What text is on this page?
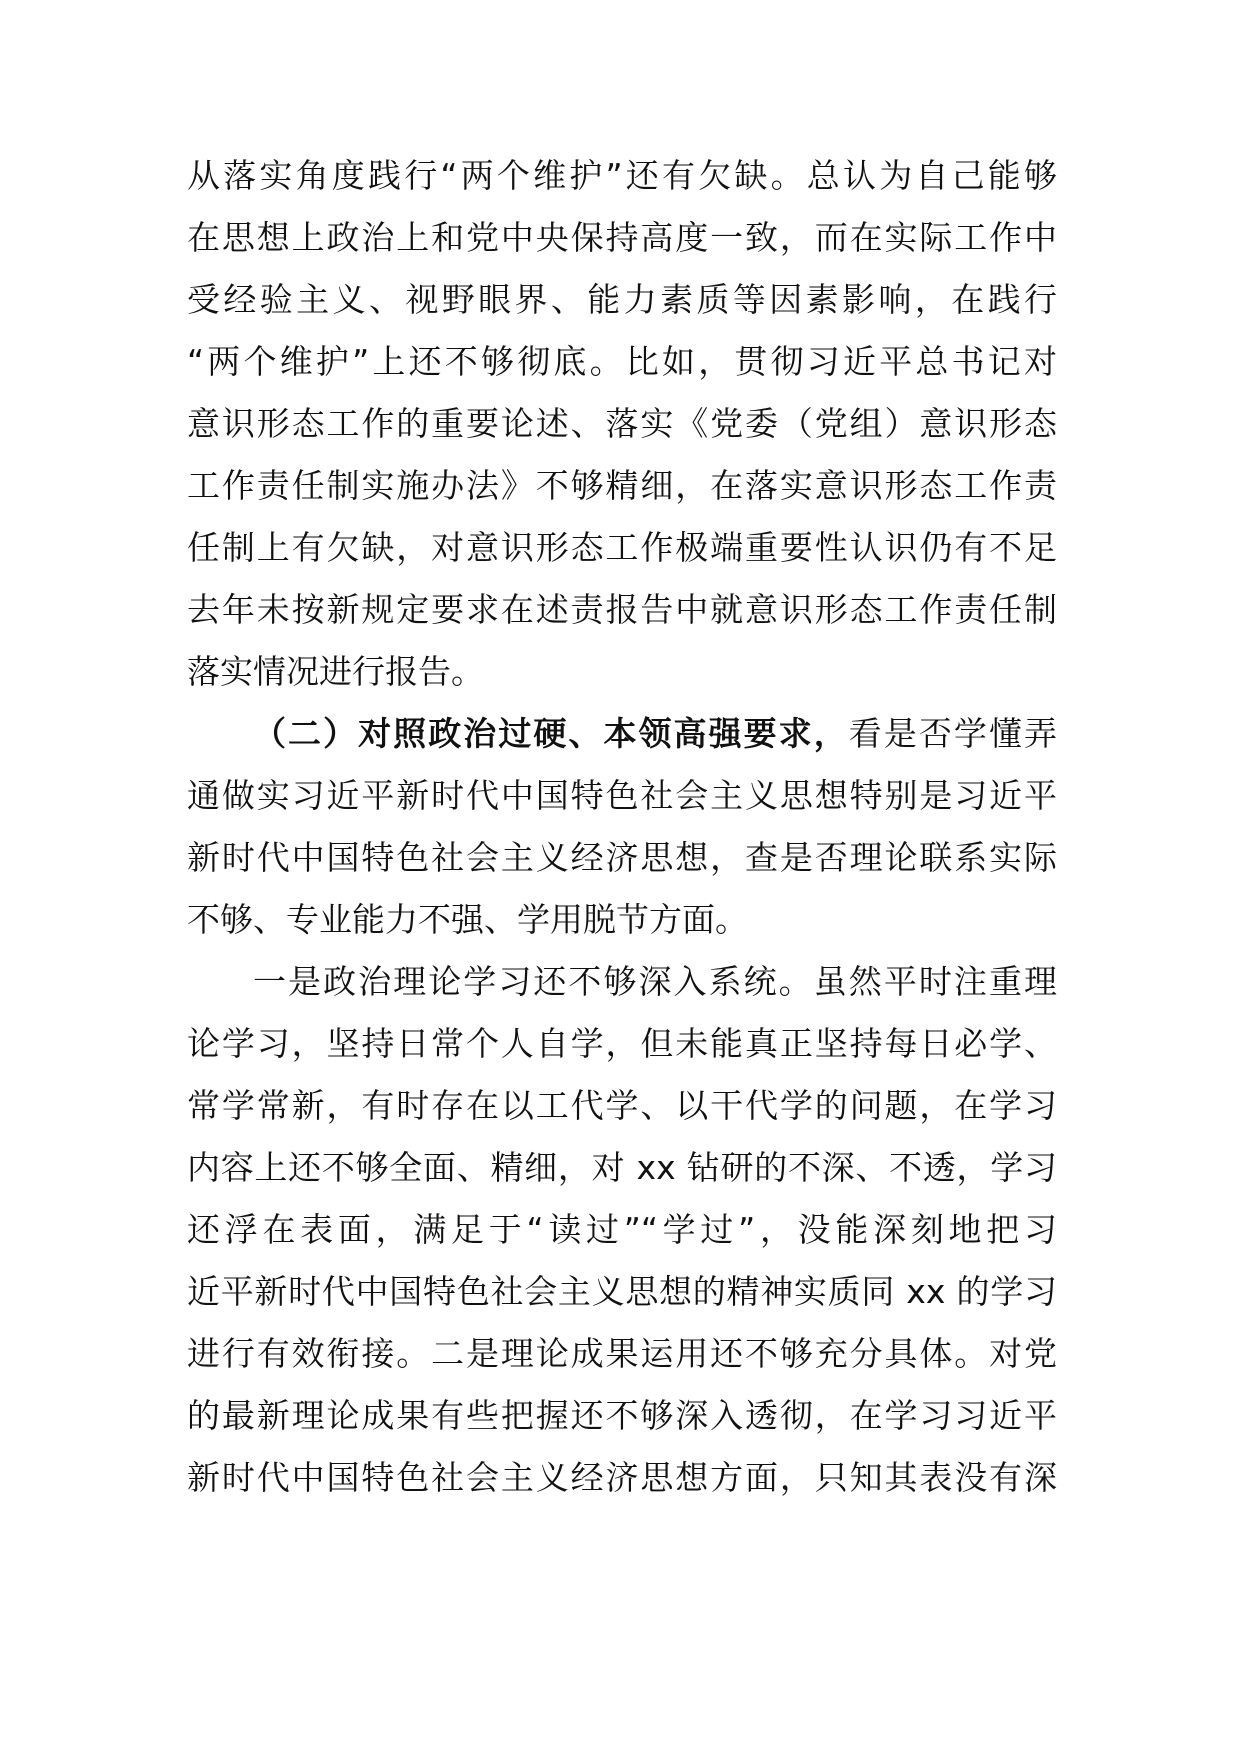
从落实角度践行“两个维护”还有欠缺。总认为自己能够
在思想上政治上和党中央保持高度一致，而在实际工作中
受经验主义、视野眼界、能力素质等因素影响，在践行
“两个维护”上还不够彻底。比如，贯彻习近平总书记对
意识形态工作的重要论述、落实《党委（党组）意识形态
工作责任制实施办法》不够精细，在落实意识形态工作责
任制上有欠缺，对意识形态工作极端重要性认识仍有不足
去年未按新规定要求在述责报告中就意识形态工作责任制
落实情况进行报告。
（二）对照政治过硬、本领高强要求，看是否学懂弄
通做实习近平新时代中国特色社会主义思想特别是习近平
新时代中国特色社会主义经济思想，查是否理论联系实际
不够、专业能力不强、学用脱节方面。
一是政治理论学习还不够深入系统。虽然平时注重理
论学习，坚持日常个人自学，但未能真正坚持每日必学、
常学常新，有时存在以工代学、以干代学的问题，在学习
内容上还不够全面、精细，对 xx 钻研的不深、不透，学习
还浮在表面，满足于“读过”“学过”，没能深刻地把习
近平新时代中国特色社会主义思想的精神实质同 xx 的学习
进行有效衔接。二是理论成果运用还不够充分具体。对党
的最新理论成果有些把握还不够深入透彻，在学习习近平
新时代中国特色社会主义经济思想方面，只知其表没有深
